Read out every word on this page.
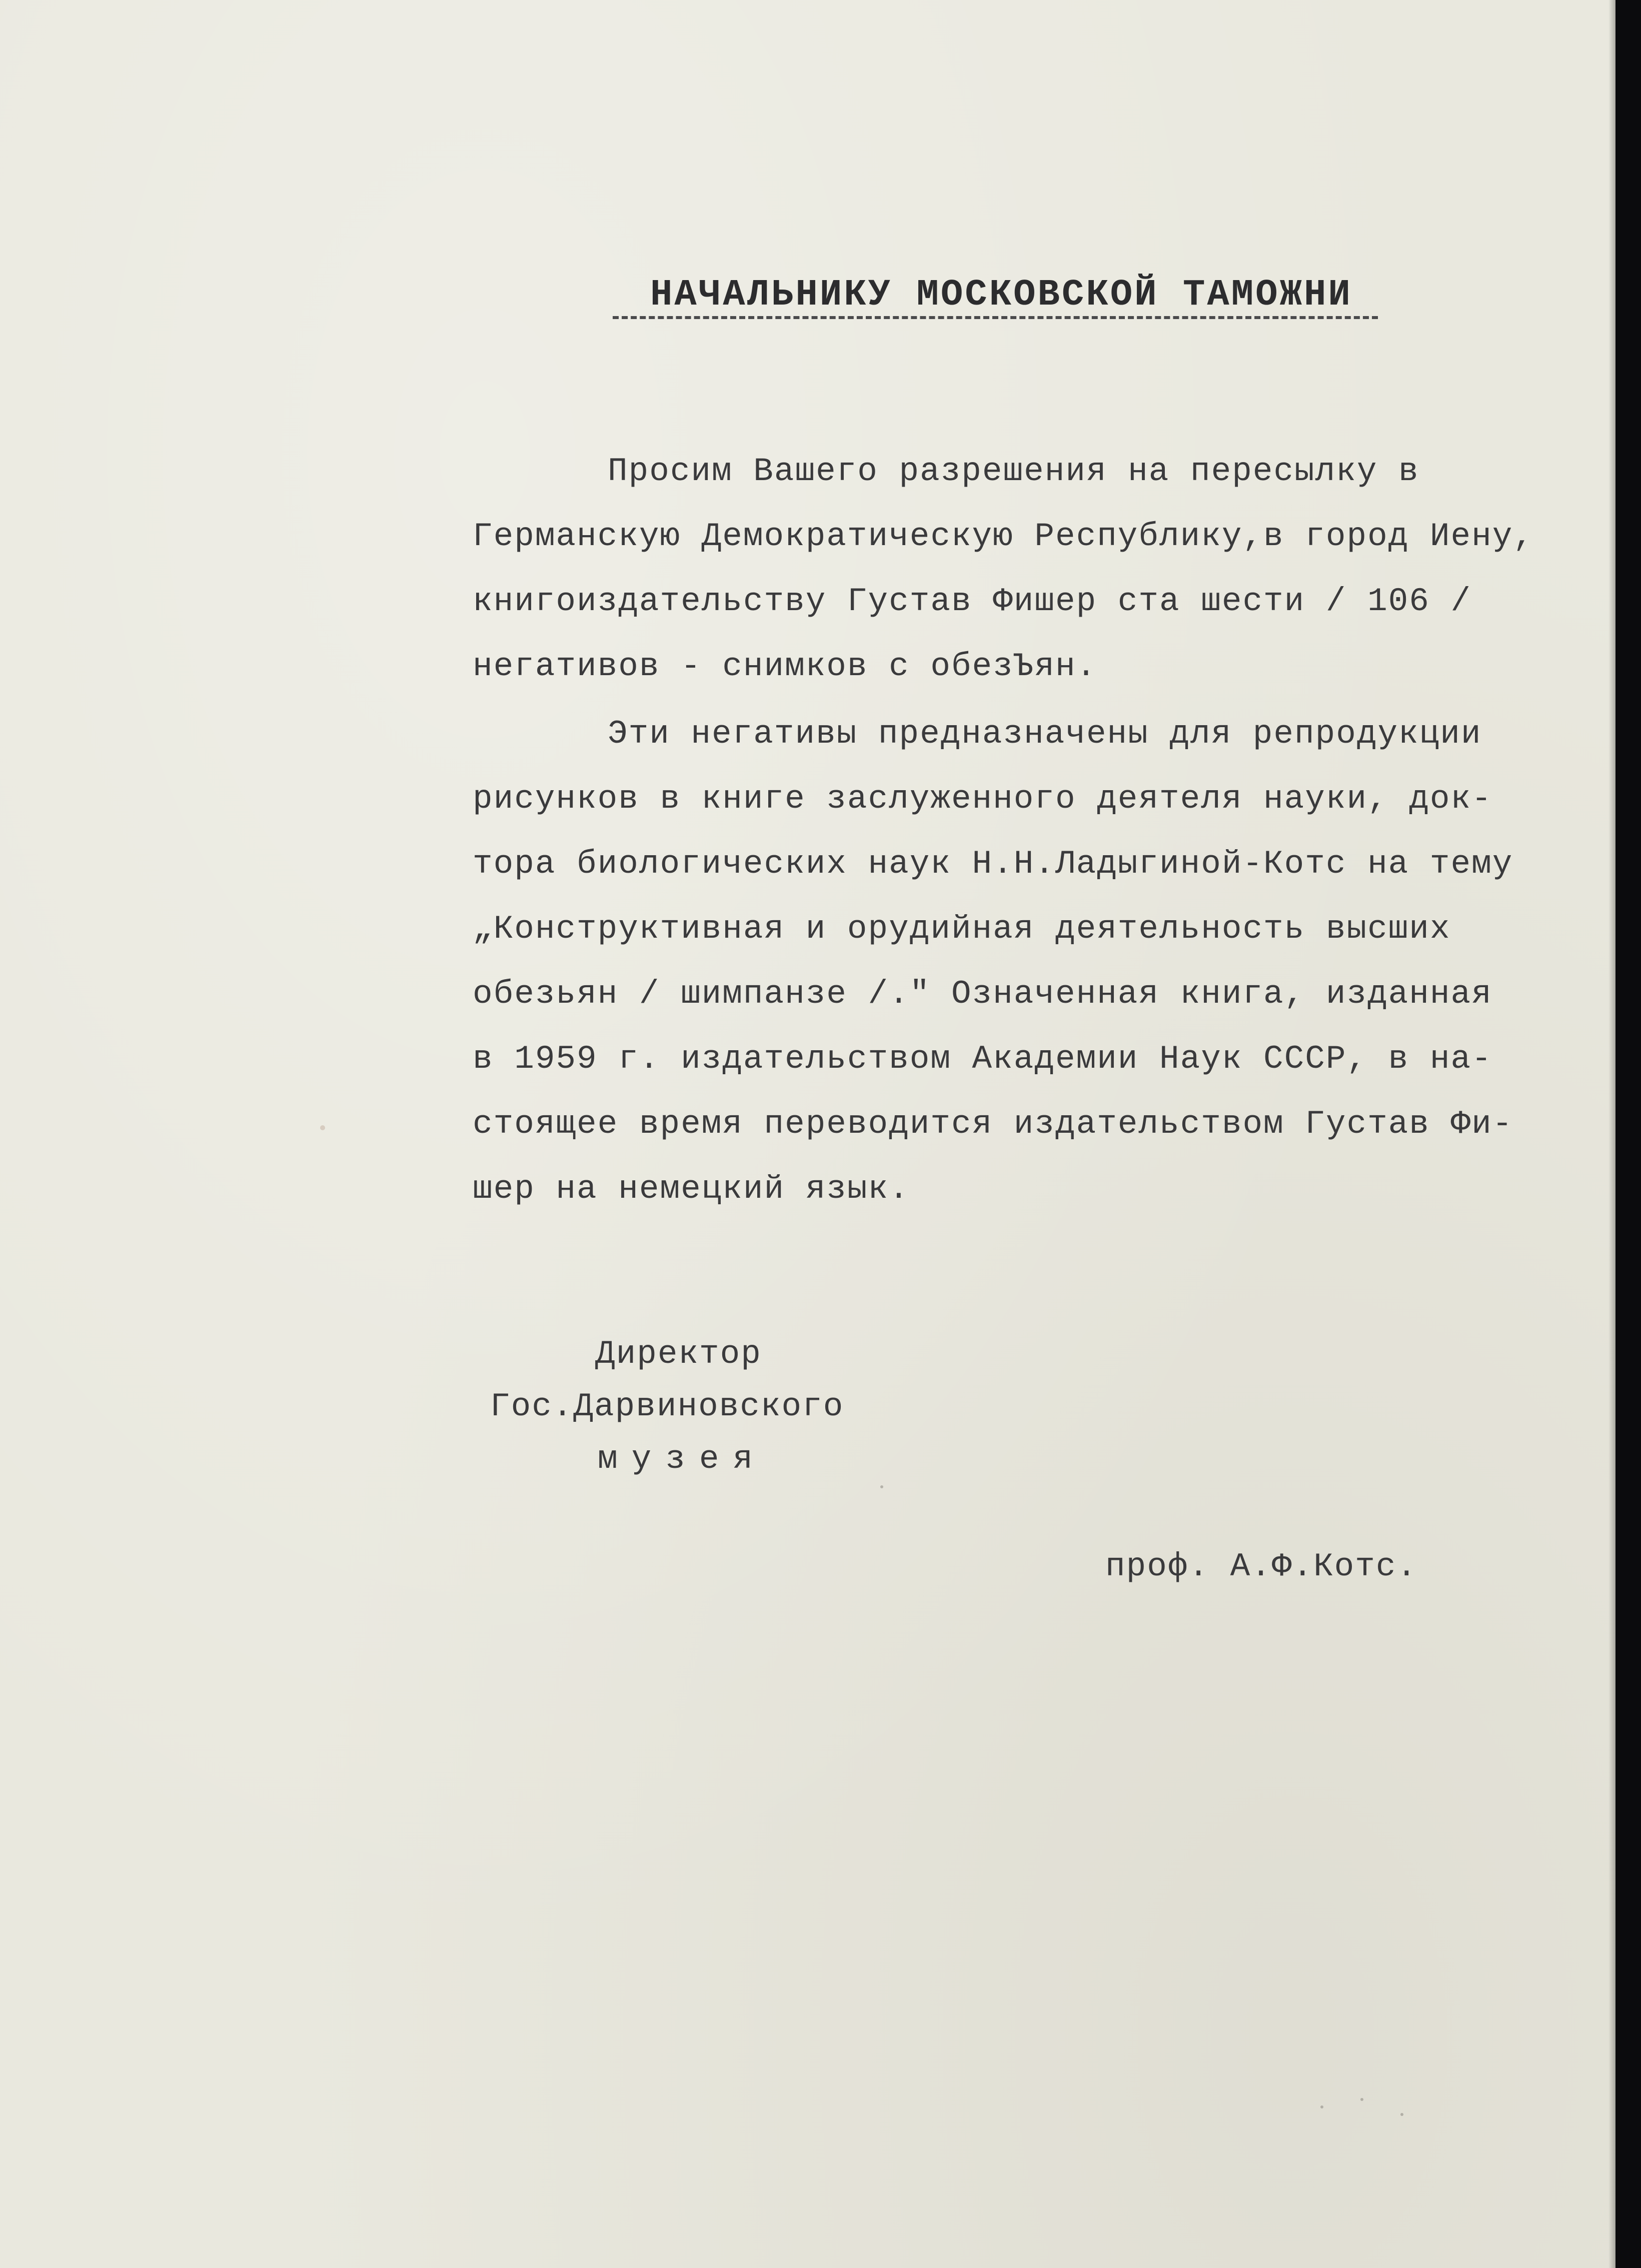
НАЧАЛЬНИКУ МОСКОВСКОЙ ТАМОЖНИ
Просим Вашего разрешения на пересылку в
Германскую Демократическую Республику,в город Иену,
книгоиздательству Густав Фишер ста шести / 106 /
негативов - снимков с обезЪян.
Эти негативы предназначены для репродукции
рисунков в книге заслуженного деятеля науки, док-
тора биологических наук Н.Н.Ладыгиной-Котс на тему
„Конструктивная и орудийная деятельность высших
обезьян / шимпанзе /." Означенная книга, изданная
в 1959 г. издательством Академии Наук СССР, в на-
стоящее время переводится издательством Густав Фи-
шер на немецкий язык.
Директор
Гос.Дарвиновского
музея
проф. А.Ф.Котс.
